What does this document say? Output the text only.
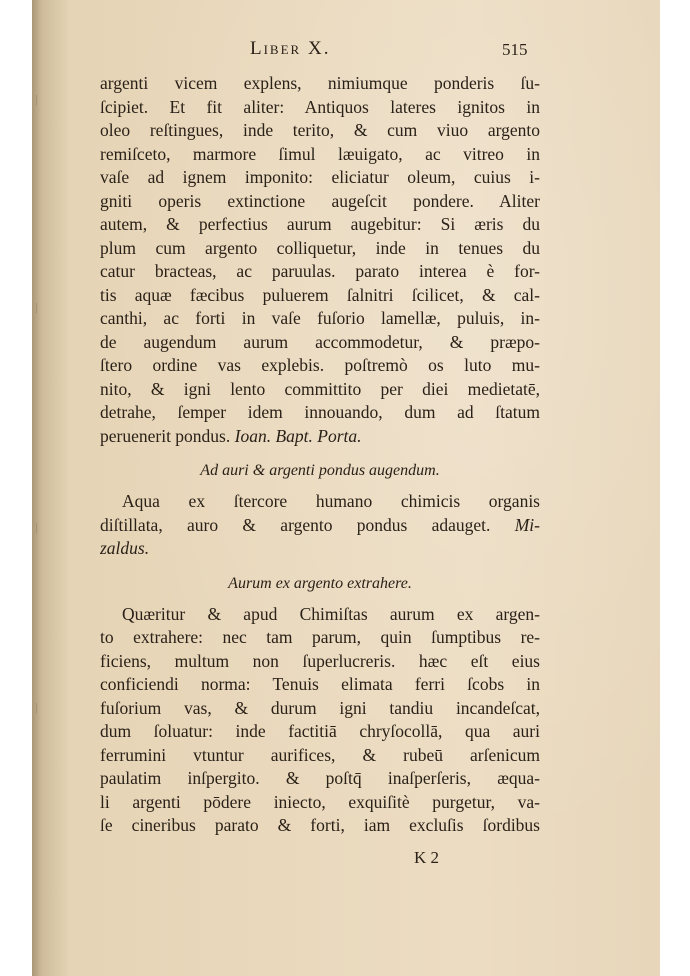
|
|
|
|
Liber X.	515
argenti vicem explens, nimiumque ponderis ſu-
ſcipiet. Et fit aliter: Antiquos lateres ignitos in
oleo reſtingues, inde terito, & cum viuo argento
remiſceto, marmore ſimul læuigato, ac vitreo in
vaſe ad ignem imponito: eliciatur oleum, cuius i-
gniti operis extinctione augeſcit pondere. Aliter
autem, & perfectius aurum augebitur: Si æris du
plum cum argento colliquetur, inde in tenues du
catur bracteas, ac paruulas. parato interea è for-
tis aquæ fæcibus puluerem ſalnitri ſcilicet, & cal-
canthi, ac forti in vaſe fuſorio lamellæ, puluis, in-
de augendum aurum accommodetur, & præpo-
ſtero ordine vas explebis. poſtremò os luto mu-
nito, & igni lento committito per diei medietatē,
detrahe, ſemper idem innouando, dum ad ſtatum
peruenerit pondus. Ioan. Bapt. Porta.
Ad auri & argenti pondus augendum.
Aqua ex ſtercore humano chimicis organis
diſtillata, auro & argento pondus adauget. Mi-
zaldus.
Aurum ex argento extrahere.
Quæritur & apud Chimiſtas aurum ex argen-
to extrahere: nec tam parum, quin ſumptibus re-
ficiens, multum non ſuperlucreris. hæc eſt eius
conficiendi norma: Tenuis elimata ferri ſcobs in
fuſorium vas, & durum igni tandiu incandeſcat,
dum ſoluatur: inde factitiā chryſocollā, qua auri
ferrumini vtuntur aurifices, & rubeū arſenicum
paulatim inſpergito. & poſtq̄ inaſperſeris, æqua-
li argenti pōdere iniecto, exquiſitè purgetur, va-
ſe cineribus parato & forti, iam excluſis ſordibus
K 2
